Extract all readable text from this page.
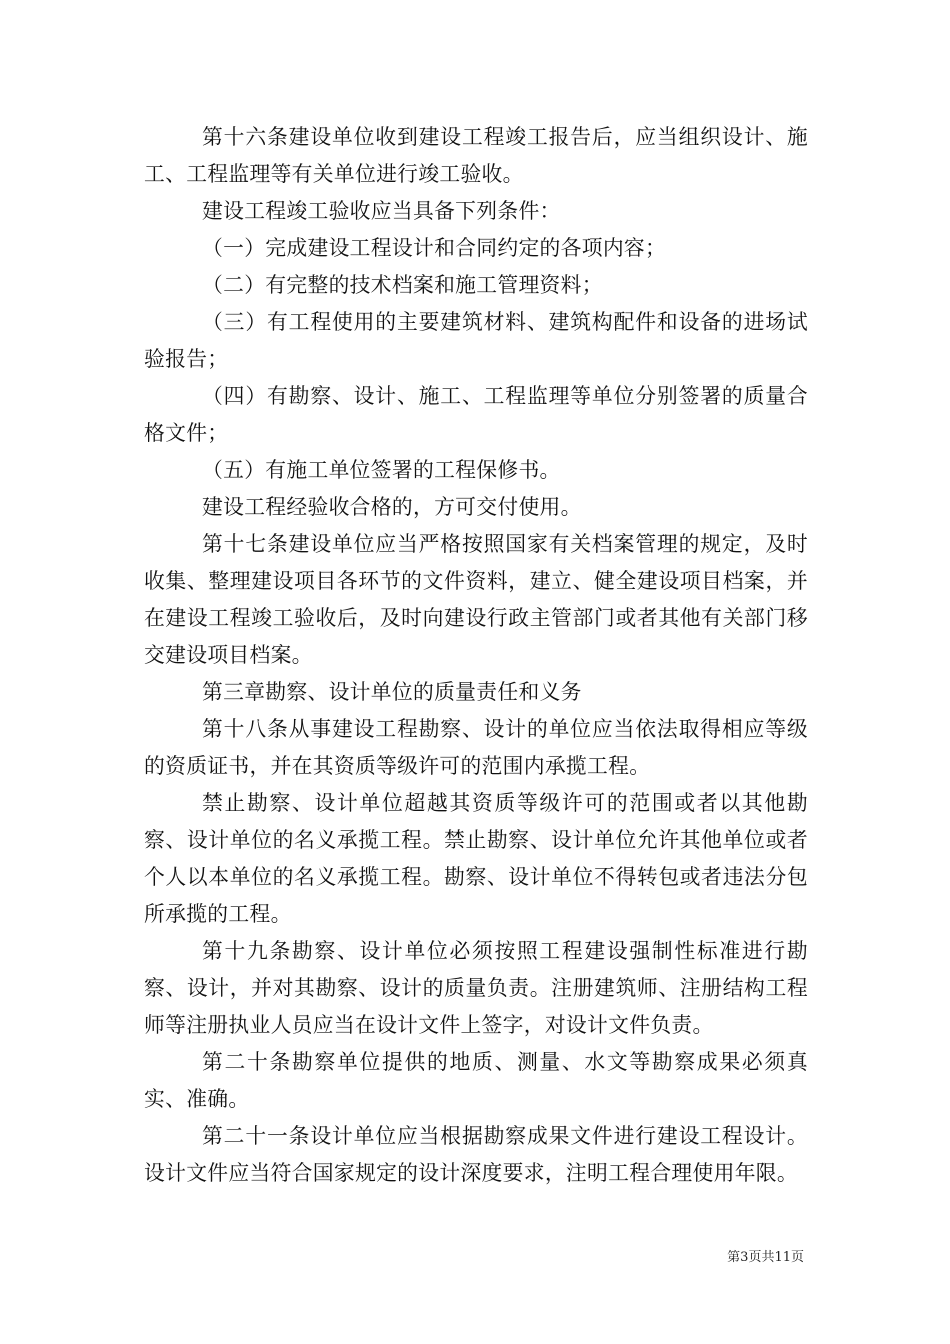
第十六条建设单位收到建设工程竣工报告后，应当组织设计、施工、工程监理等有关单位进行竣工验收。

建设工程竣工验收应当具备下列条件：

（一）完成建设工程设计和合同约定的各项内容；

（二）有完整的技术档案和施工管理资料；

（三）有工程使用的主要建筑材料、建筑构配件和设备的进场试验报告；

（四）有勘察、设计、施工、工程监理等单位分别签署的质量合格文件；

（五）有施工单位签署的工程保修书。

建设工程经验收合格的，方可交付使用。

第十七条建设单位应当严格按照国家有关档案管理的规定，及时收集、整理建设项目各环节的文件资料，建立、健全建设项目档案，并在建设工程竣工验收后，及时向建设行政主管部门或者其他有关部门移交建设项目档案。

第三章勘察、设计单位的质量责任和义务

第十八条从事建设工程勘察、设计的单位应当依法取得相应等级的资质证书，并在其资质等级许可的范围内承揽工程。

禁止勘察、设计单位超越其资质等级许可的范围或者以其他勘察、设计单位的名义承揽工程。禁止勘察、设计单位允许其他单位或者个人以本单位的名义承揽工程。勘察、设计单位不得转包或者违法分包所承揽的工程。

第十九条勘察、设计单位必须按照工程建设强制性标准进行勘察、设计，并对其勘察、设计的质量负责。注册建筑师、注册结构工程师等注册执业人员应当在设计文件上签字，对设计文件负责。

第二十条勘察单位提供的地质、测量、水文等勘察成果必须真实、准确。

第二十一条设计单位应当根据勘察成果文件进行建设工程设计。设计文件应当符合国家规定的设计深度要求，注明工程合理使用年限。

第3页共11页
